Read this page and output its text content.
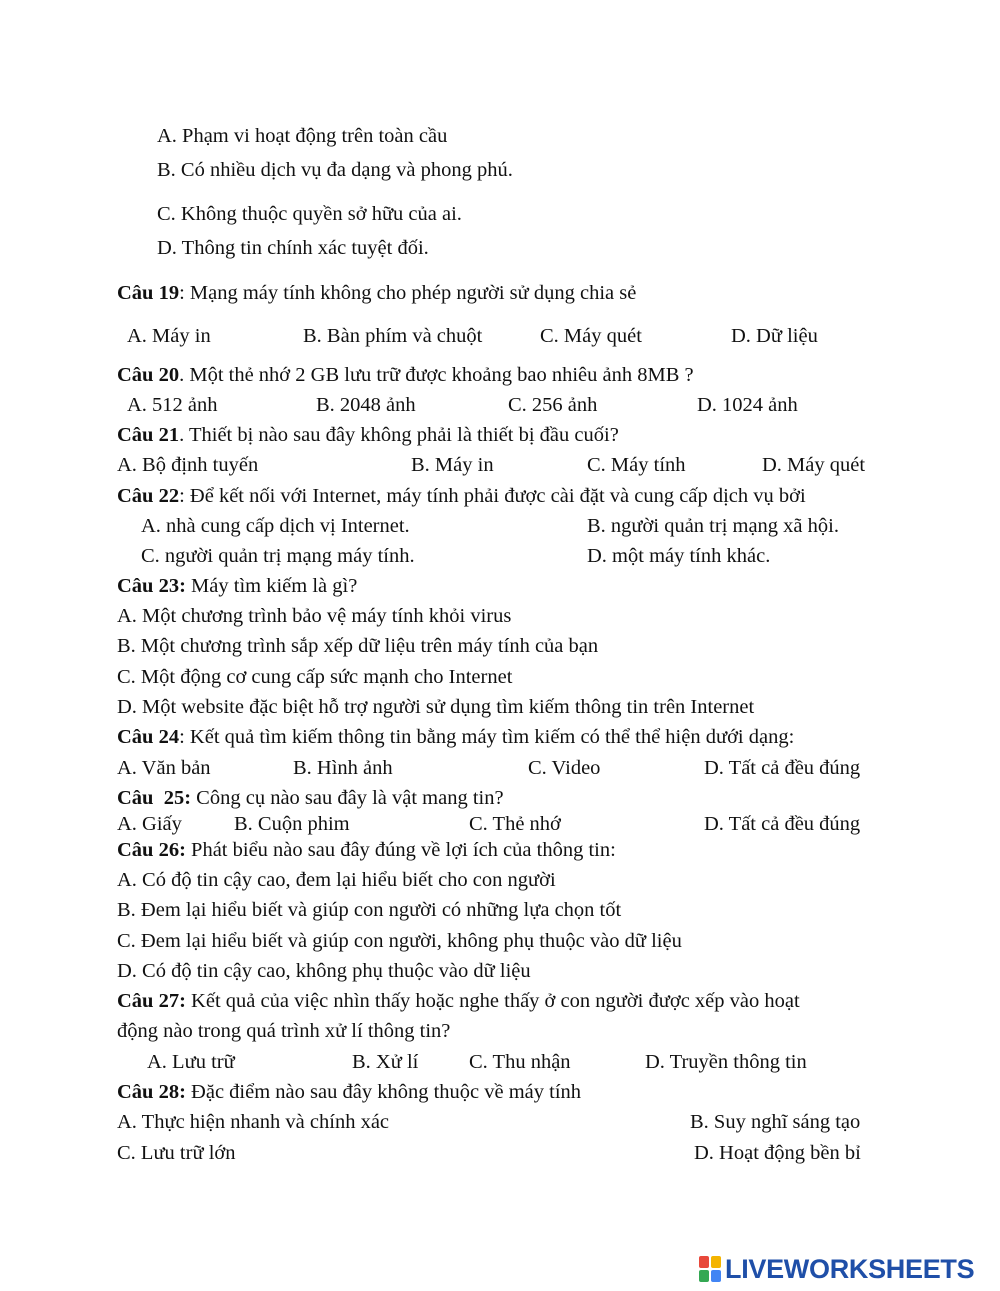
A. Phạm vi hoạt động trên toàn cầu
B. Có nhiều dịch vụ đa dạng và phong phú.
C. Không thuộc quyền sở hữu của ai.
D. Thông tin chính xác tuyệt đối.
Câu 19: Mạng máy tính không cho phép người sử dụng chia sẻ
A. Máy in	B. Bàn phím và chuột	C. Máy quét	D. Dữ liệu
Câu 20. Một thẻ nhớ 2 GB lưu trữ được khoảng bao nhiêu ảnh 8MB ?
A. 512 ảnh	B. 2048 ảnh	C. 256 ảnh	D. 1024 ảnh
Câu 21. Thiết bị nào sau đây không phải là thiết bị đầu cuối?
A. Bộ định tuyến	B. Máy in	C. Máy tính	D. Máy quét
Câu 22: Để kết nối với Internet, máy tính phải được cài đặt và cung cấp dịch vụ bởi
A. nhà cung cấp dịch vị Internet.	B. người quản trị mạng xã hội.
C. người quản trị mạng máy tính.	D. một máy tính khác.
Câu 23: Máy tìm kiếm là gì?
A. Một chương trình bảo vệ máy tính khỏi virus
B. Một chương trình sắp xếp dữ liệu trên máy tính của bạn
C. Một động cơ cung cấp sức mạnh cho Internet
D. Một website đặc biệt hỗ trợ người sử dụng tìm kiếm thông tin trên Internet
Câu 24: Kết quả tìm kiếm thông tin bằng máy tìm kiếm có thể thể hiện dưới dạng:
A. Văn bản	B. Hình ảnh	C. Video	D. Tất cả đều đúng
Câu  25: Công cụ nào sau đây là vật mang tin?
A. Giấy	B. Cuộn phim	C. Thẻ nhớ	D. Tất cả đều đúng
Câu 26: Phát biểu nào sau đây đúng về lợi ích của thông tin:
A. Có độ tin cậy cao, đem lại hiểu biết cho con người
B. Đem lại hiểu biết và giúp con người có những lựa chọn tốt
C. Đem lại hiểu biết và giúp con người, không phụ thuộc vào dữ liệu
D. Có độ tin cậy cao, không phụ thuộc vào dữ liệu
Câu 27: Kết quả của việc nhìn thấy hoặc nghe thấy ở con người được xếp vào hoạt
động nào trong quá trình xử lí thông tin?
A. Lưu trữ	B. Xử lí C. Thu nhận	D. Truyền thông tin
Câu 28: Đặc điểm nào sau đây không thuộc về máy tính
A. Thực hiện nhanh và chính xác	B. Suy nghĩ sáng tạo
C. Lưu trữ lớn	D. Hoạt động bền bỉ
LIVEWORKSHEETS
